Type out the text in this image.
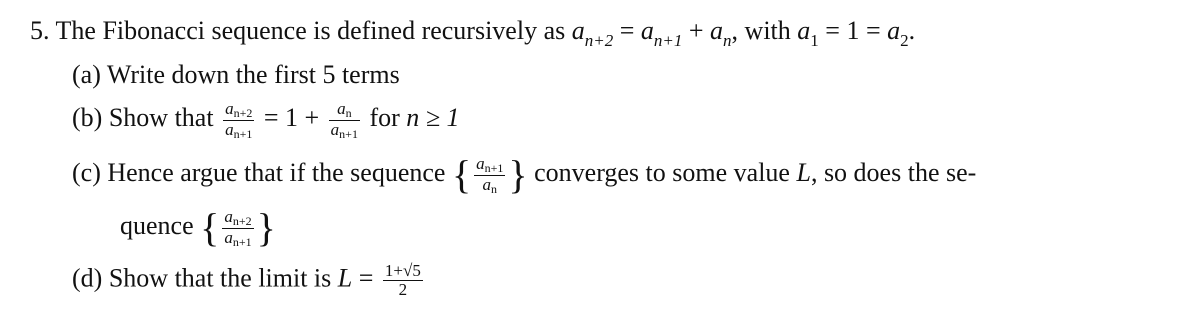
5. The Fibonacci sequence is defined recursively as $a_{n+2} = a_{n+1} + a_n$, with $a_1 = 1 = a_2$.
(a) Write down the first 5 terms
(b) Show that $\frac{an+2}{an+1} = 1 + \frac{an}{an+1}$ for n ≥ 1
(c) Hence argue that if the sequence { $\frac{an+1}{an}$ } converges to some value L, so does the se-
quence { $\frac{an+2}{an+1}$ }
(d) Show that the limit is $L = \frac{1+√5}{2}$
